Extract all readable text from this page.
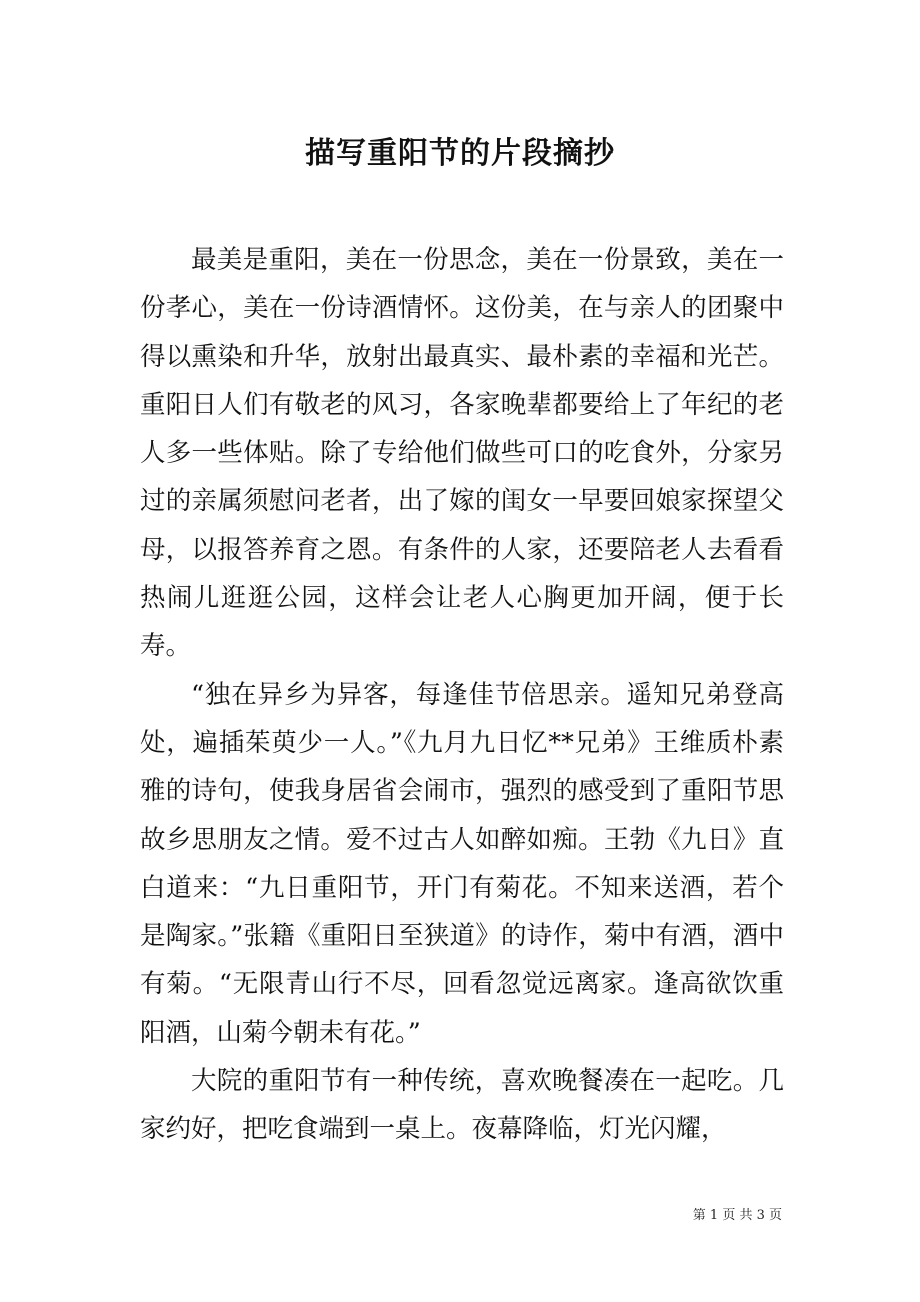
描写重阳节的片段摘抄

最美是重阳，美在一份思念，美在一份景致，美在一份孝心，美在一份诗酒情怀。这份美，在与亲人的团聚中得以熏染和升华，放射出最真实、最朴素的幸福和光芒。重阳日人们有敬老的风习，各家晚辈都要给上了年纪的老人多一些体贴。除了专给他们做些可口的吃食外，分家另过的亲属须慰问老者，出了嫁的闺女一早要回娘家探望父母，以报答养育之恩。有条件的人家，还要陪老人去看看热闹儿逛逛公园，这样会让老人心胸更加开阔，便于长寿。

“独在异乡为异客，每逢佳节倍思亲。遥知兄弟登高处，遍插茱萸少一人。”《九月九日忆**兄弟》王维质朴素雅的诗句，使我身居省会闹市，强烈的感受到了重阳节思故乡思朋友之情。爱不过古人如醉如痴。王勃《九日》直白道来：“九日重阳节，开门有菊花。不知来送酒，若个是陶家。”张籍《重阳日至狭道》的诗作，菊中有酒，酒中有菊。“无限青山行不尽，回看忽觉远离家。逢高欲饮重阳酒，山菊今朝未有花。”

大院的重阳节有一种传统，喜欢晚餐凑在一起吃。几家约好，把吃食端到一桌上。夜幕降临，灯光闪耀，

第 1 页 共 3 页
